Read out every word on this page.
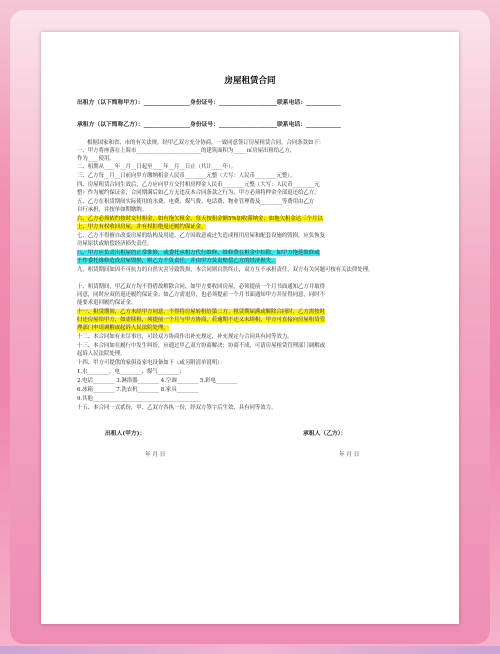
房屋租赁合同
出租方（以下简称甲方）：________________身份证号：____________________联系电话：____________
承租方（以下简称乙方）：________________身份证号：____________________联系电话：____________
根据国家和省、市的有关法规，经甲乙双方充分协商，一致同意签订房屋租赁合同，合同条款如下：
一、甲方将座落在上海市________________________的建筑面积为_____㎡房屋出租给乙方，
作为____使用。
二、租期从____年__月__日起至____年__月__日止（共计____年）。
三、乙方每__月__日前向甲方缴纳租金人民币________元整（大写：人民币________元整）。
四、房屋租赁合同生效后，乙方应向甲方交付租房押金人民币________元整（大写：人民币________元
整）作为履约保证金，合同期满后如乙方无违反本合同条款之行为，甲方必须将押金全部退还给乙方。
五、乙方在租赁期间实际使用的水费、电费、煤气费、电话费、物业管理费及________等费用由乙方
自行承担，并按单如期缴纳。
六、乙方必须依约按时交付租金，如有拖欠租金，每天按租金额5%加收滞纳金；如拖欠租金达三个月以
上，甲方有权收回房屋，并有权拒绝返还履约保证金。
七、乙方不得擅自改变房屋的结构及用途，乙方因故意或过失造成租用房屋和配套设施的毁损，应负恢复
房屋原状或赔偿经济损失责任。
八、甲方应负责出租屋的正常维修，或委托承租方代行维修，维修费在租金中扣除，如甲方拖延维修或
不作委托维修造成房屋毁损，则乙方不负责任，并由甲方负责赔偿乙方的经济损失。
九、租赁期间如因不可抗力的自然灾害导致毁损，本合同则自然终止，双方互不承担责任，双方有关问题可按有关法律处理。
十、租赁期间，甲乙双方均不得借故解除合同，如甲方要收回房屋，必须提前一个月书面通知乙方并取得
同意，同时应双倍返还履约保证金；如乙方需退房，也必须提前一个月书面通知甲方并征得同意，同时不
能要求退回履约保证金。
十一、租赁期间，乙方未经甲方同意，不得将房屋转租给第三方。租赁期届满或解除合同时，乙方需按时
归还房屋给甲方，如需续租，须提前一个月与甲方协商，若逾期不还又未续租，甲方可直接向房屋租赁管
理部门申请调解或起诉人民法院处理。
十二、本合同如有未尽事宜，可经双方协商作出补充规定，补充规定与合同具有同等效力。
十三、本合同如在履行中发生纠纷，应通过甲乙双方协商解决；协商不成，可请房屋租赁管理部门调解或
起诉人民法院处理。
十四、甲方可提供的家俱及家电设备如下（或另附清单说明）：
1.水________，电________，煤气________；
2.电话________ 3.淋浴器________ 4.空调________ 5.彩电________
6.冰箱________ 7.洗衣机________ 8.家具________
9.其他________________________________________
十五、本合同一式贰份，甲、乙双方各执一份，经双方签字后生效，具有同等效力。
出租人(甲方)：	承租人（乙方）：
年 月 日	年 月 日
